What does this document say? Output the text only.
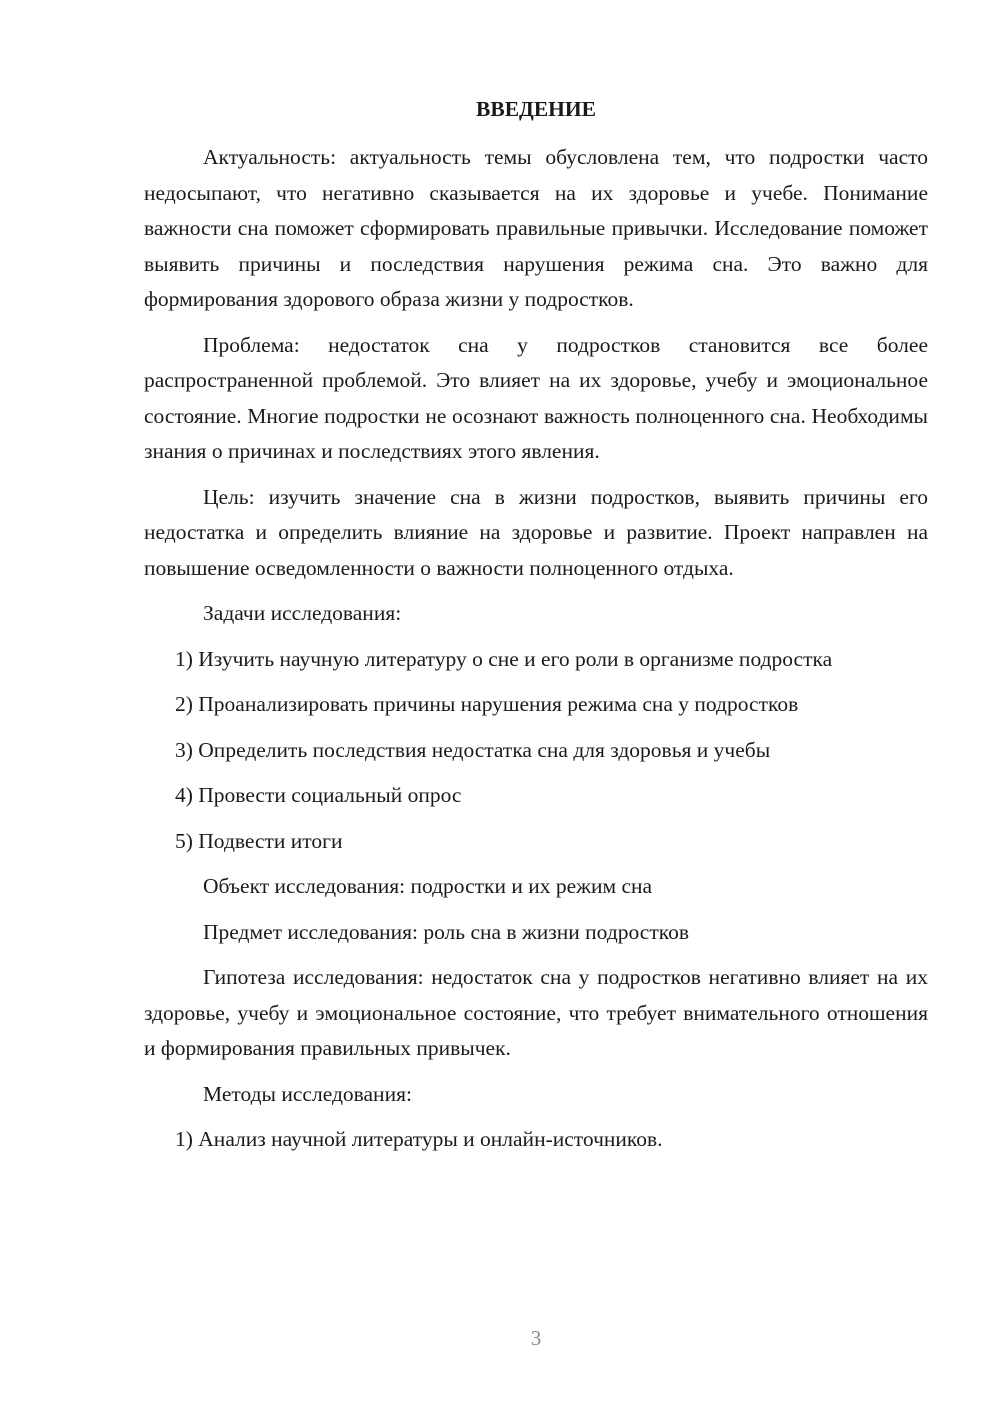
ВВЕДЕНИЕ

Актуальность: актуальность темы обусловлена тем, что подростки часто недосыпают, что негативно сказывается на их здоровье и учебе. Понимание важности сна поможет сформировать правильные привычки. Исследование поможет выявить причины и последствия нарушения режима сна. Это важно для формирования здорового образа жизни у подростков.

Проблема: недостаток сна у подростков становится все более распространенной проблемой. Это влияет на их здоровье, учебу и эмоциональное состояние. Многие подростки не осознают важность полноценного сна. Необходимы знания о причинах и последствиях этого явления.

Цель: изучить значение сна в жизни подростков, выявить причины его недостатка и определить влияние на здоровье и развитие. Проект направлен на повышение осведомленности о важности полноценного отдыха.

Задачи исследования:

1) Изучить научную литературу о сне и его роли в организме подростка

2) Проанализировать причины нарушения режима сна у подростков

3) Определить последствия недостатка сна для здоровья и учебы

4) Провести социальный опрос

5) Подвести итоги

Объект исследования: подростки и их режим сна

Предмет исследования: роль сна в жизни подростков

Гипотеза исследования: недостаток сна у подростков негативно влияет на их здоровье, учебу и эмоциональное состояние, что требует внимательного отношения и формирования правильных привычек.

Методы исследования:

1) Анализ научной литературы и онлайн-источников.

3
